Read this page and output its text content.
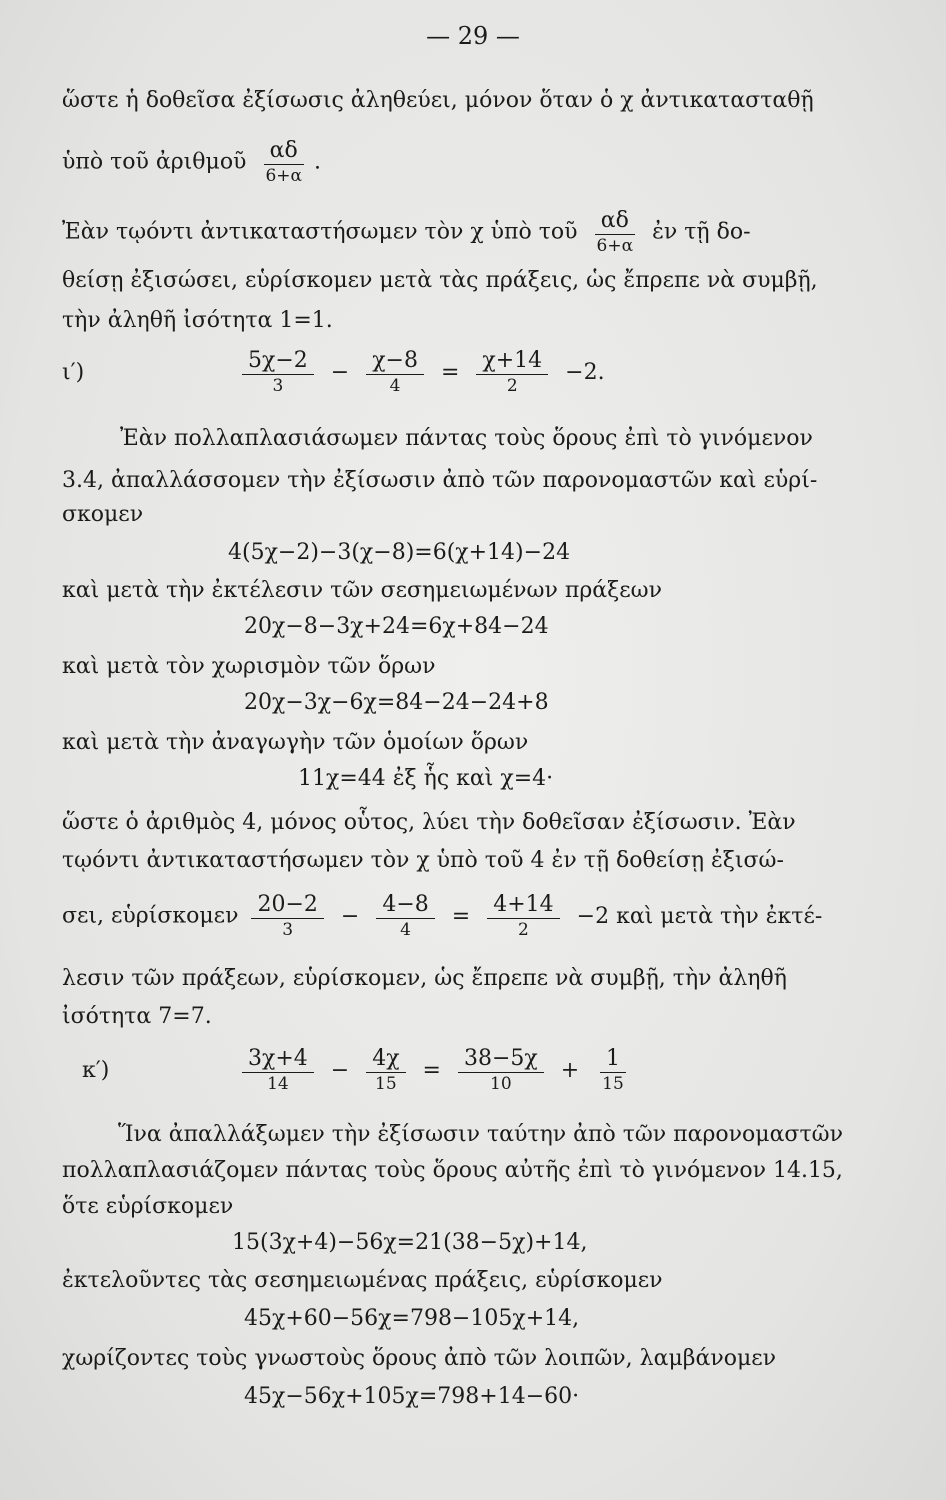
— 29 —
ὥστε ἡ δοθεῖσα ἐξίσωσις ἀληθεύει, μόνον ὅταν ὁ χ ἀντικατασταθῇ
ὑπὸ τοῦ ἀριθμοῦ $\frac{\alpha\delta}{6+\alpha}$ .
Ἐὰν τῳόντι ἀντικαταστήσωμεν τὸν χ ὑπὸ τοῦ $\frac{\alpha\delta}{6+\alpha}$ ἐν τῇ δο-
θείσῃ ἐξισώσει, εὑρίσκομεν μετὰ τὰς πράξεις, ὡς ἔπρεπε νὰ συμβῇ,
τὴν ἀληθῆ ἰσότητα 1=1.
ι′)	$\frac{5\chi-2}{3} - \frac{\chi-8}{4} = \frac{\chi+14}{2} -2$.
Ἐὰν πολλαπλασιάσωμεν πάντας τοὺς ὅρους ἐπὶ τὸ γινόμενον
3.4, ἀπαλλάσσομεν τὴν ἐξίσωσιν ἀπὸ τῶν παρονομαστῶν καὶ εὑρί-
σκομεν
4(5χ−2)−3(χ−8)=6(χ+14)−24
καὶ μετὰ τὴν ἐκτέλεσιν τῶν σεσημειωμένων πράξεων
20χ−8−3χ+24=6χ+84−24
καὶ μετὰ τὸν χωρισμὸν τῶν ὅρων
20χ−3χ−6χ=84−24−24+8
καὶ μετὰ τὴν ἀναγωγὴν τῶν ὁμοίων ὅρων
11χ=44 ἐξ ἧς καὶ χ=4·
ὥστε ὁ ἀριθμὸς 4, μόνος οὗτος, λύει τὴν δοθεῖσαν ἐξίσωσιν. Ἐὰν
τῳόντι ἀντικαταστήσωμεν τὸν χ ὑπὸ τοῦ 4 ἐν τῇ δοθείσῃ ἐξισώ-
σει, εὑρίσκομεν $\frac{20-2}{3} - \frac{4-8}{4} = \frac{4+14}{2} -2$ καὶ μετὰ τὴν ἐκτέ-
λεσιν τῶν πράξεων, εὑρίσκομεν, ὡς ἔπρεπε νὰ συμβῇ, τὴν ἀληθῆ
ἰσότητα 7=7.
κ′)	$\frac{3\chi+4}{14} - \frac{4\chi}{15} = \frac{38-5\chi}{10} + \frac{1}{15}$
Ἵνα ἀπαλλάξωμεν τὴν ἐξίσωσιν ταύτην ἀπὸ τῶν παρονομαστῶν
πολλαπλασιάζομεν πάντας τοὺς ὅρους αὐτῆς ἐπὶ τὸ γινόμενον 14.15,
ὅτε εὑρίσκομεν
15(3χ+4)−56χ=21(38−5χ)+14,
ἐκτελοῦντες τὰς σεσημειωμένας πράξεις, εὑρίσκομεν
45χ+60−56χ=798−105χ+14,
χωρίζοντες τοὺς γνωστοὺς ὅρους ἀπὸ τῶν λοιπῶν, λαμβάνομεν
45χ−56χ+105χ=798+14−60·
